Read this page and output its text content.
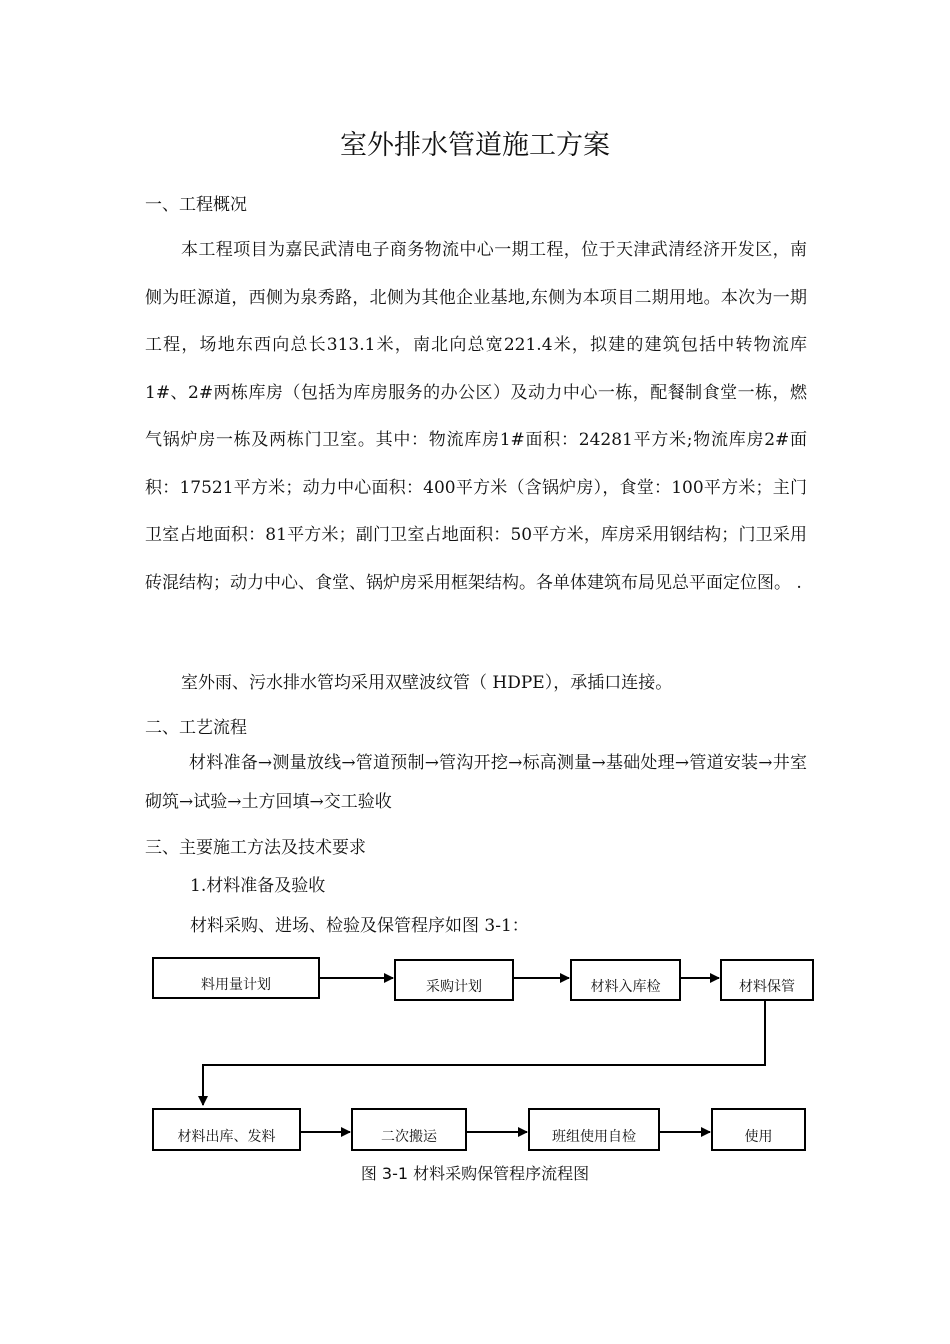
室外排水管道施工方案
一、工程概况
本工程项目为嘉民武清电子商务物流中心一期工程，位于天津武清经济开发区，南侧为旺源道，西侧为泉秀路，北侧为其他企业基地,东侧为本项目二期用地。本次为一期工程，场地东西向总长313.1米，南北向总宽221.4米，拟建的建筑包括中转物流库1#、2#两栋库房（包括为库房服务的办公区）及动力中心一栋，配餐制食堂一栋，燃气锅炉房一栋及两栋门卫室。其中：物流库房1#面积：24281平方米;物流库房2#面积：17521平方米；动力中心面积：400平方米（含锅炉房），食堂：100平方米；主门卫室占地面积：81平方米；副门卫室占地面积：50平方米，库房采用钢结构；门卫采用砖混结构；动力中心、食堂、锅炉房采用框架结构。各单体建筑布局见总平面定位图。 .
室外雨、污水排水管均采用双壁波纹管（ HDPE），承插口连接。
二、工艺流程
材料准备→测量放线→管道预制→管沟开挖→标高测量→基础处理→管道安装→井室砌筑→试验→土方回填→交工验收
三、主要施工方法及技术要求
1.材料准备及验收
材料采购、进场、检验及保管程序如图 3-1：
料用量计划	采购计划	材料入库检	材料保管
材料出库、发料	二次搬运	班组使用自检	使用
图 3-1 材料采购保管程序流程图
